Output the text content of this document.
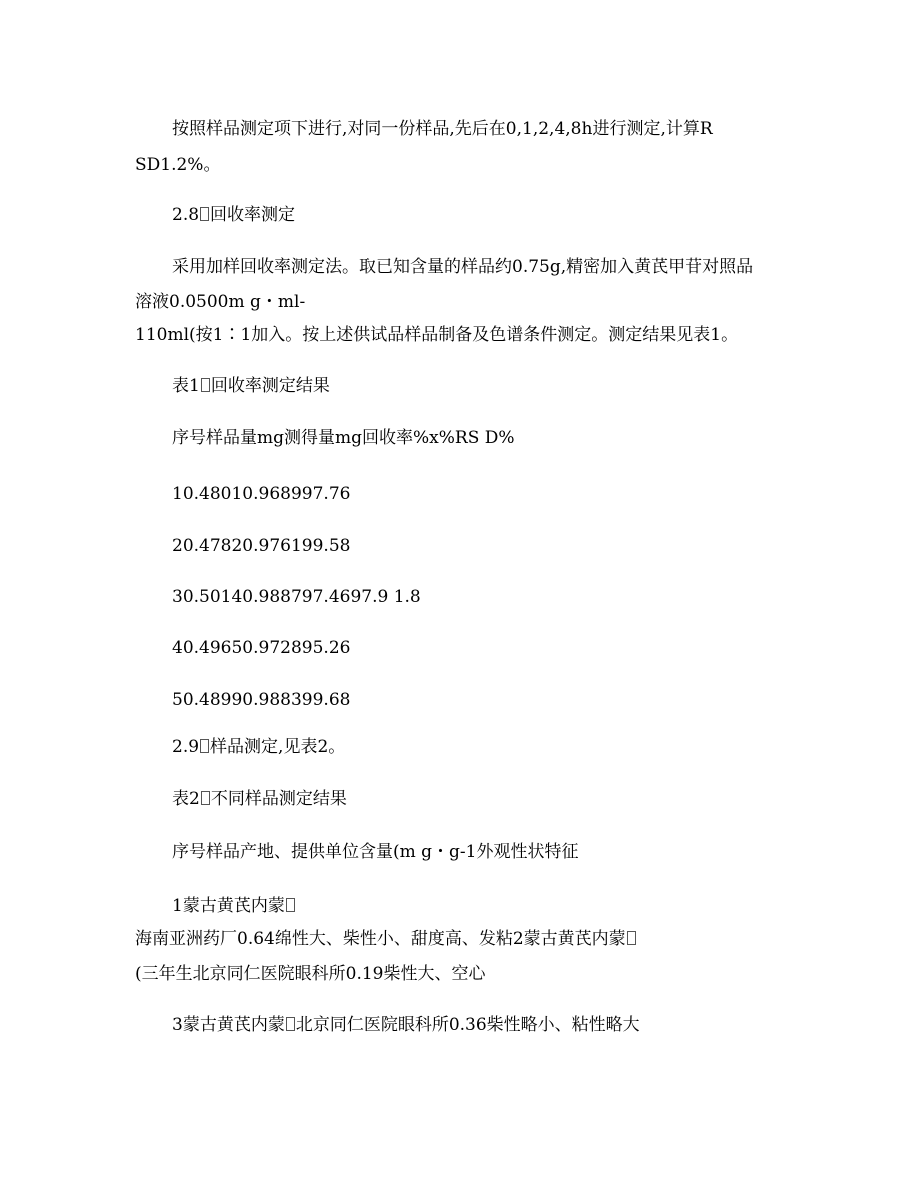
按照样品测定项下进行,对同一份样品,先后在0,1,2,4,8h进行测定,计算R
SD1.2%。
2.8 回收率测定
采用加样回收率测定法。取已知含量的样品约0.75g,精密加入黄芪甲苷对照品
溶液0.0500m g・ml-
110ml(按1∶1加入。按上述供试品样品制备及色谱条件测定。测定结果见表1。
表1 回收率测定结果
序号样品量mg测得量mg回收率%x%RS D%
10.48010.968997.76
20.47820.976199.58
30.50140.988797.4697.9 1.8
40.49650.972895.26
50.48990.988399.68
2.9 样品测定,见表2。
表2 不同样品测定结果
序号样品产地、提供单位含量(m g・g-1外观性状特征
1蒙古黄芪内蒙
海南亚洲药厂0.64绵性大、柴性小、甜度高、发粘2蒙古黄芪内蒙
(三年生北京同仁医院眼科所0.19柴性大、空心
3蒙古黄芪内蒙 北京同仁医院眼科所0.36柴性略小、粘性略大
